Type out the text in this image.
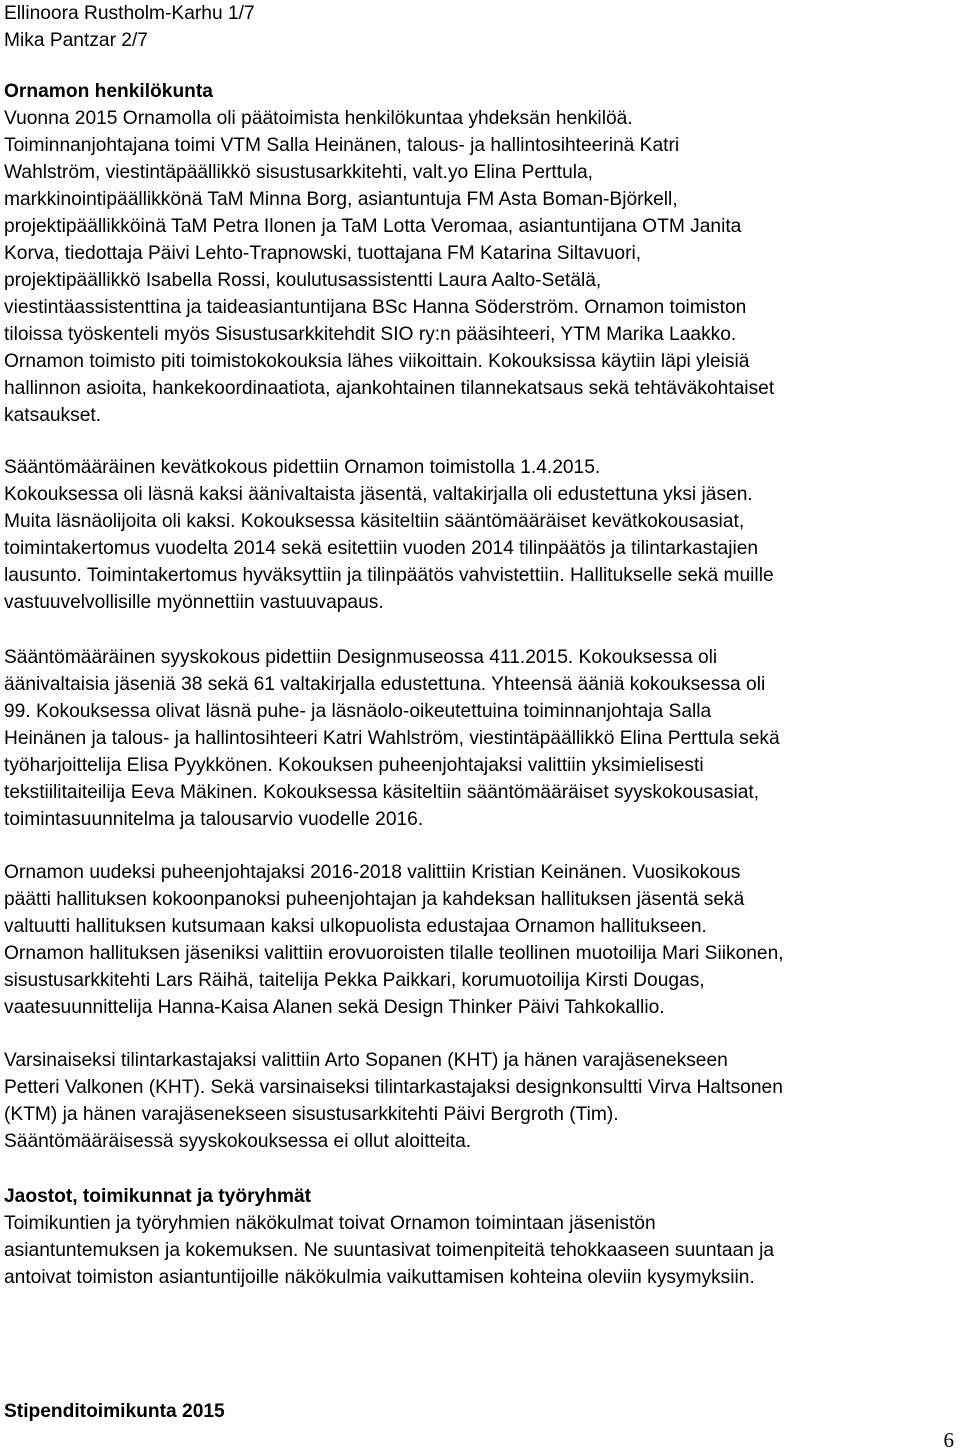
Ellinoora Rustholm-Karhu 1/7
Mika Pantzar 2/7
Ornamon henkilökunta
Vuonna 2015 Ornamolla oli päätoimista henkilökuntaa yhdeksän henkilöä.
Toiminnanjohtajana toimi VTM Salla Heinänen, talous- ja hallintosihteerinä Katri
Wahlström, viestintäpäällikkö sisustusarkkitehti, valt.yo Elina Perttula,
markkinointipäällikkönä TaM Minna Borg, asiantuntuja FM Asta Boman-Björkell,
projektipäällikköinä TaM Petra Ilonen ja TaM Lotta Veromaa, asiantuntijana OTM Janita
Korva, tiedottaja Päivi Lehto-Trapnowski, tuottajana FM Katarina Siltavuori,
projektipäällikkö Isabella Rossi, koulutusassistentti Laura Aalto-Setälä,
viestintäassistenttina ja taideasiantuntijana BSc Hanna Söderström. Ornamon toimiston
tiloissa työskenteli myös Sisustusarkkitehdit SIO ry:n pääsihteeri, YTM Marika Laakko.
Ornamon toimisto piti toimistokokouksia lähes viikoittain. Kokouksissa käytiin läpi yleisiä
hallinnon asioita, hankekoordinaatiota, ajankohtainen tilannekatsaus sekä tehtäväkohtaiset
katsaukset.
Sääntömääräinen kevätkokous pidettiin Ornamon toimistolla 1.4.2015.
Kokouksessa oli läsnä kaksi äänivaltaista jäsentä, valtakirjalla oli edustettuna yksi jäsen.
Muita läsnäolijoita oli kaksi. Kokouksessa käsiteltiin sääntömääräiset kevätkokousasiat,
toimintakertomus vuodelta 2014 sekä esitettiin vuoden 2014 tilinpäätös ja tilintarkastajien
lausunto. Toimintakertomus hyväksyttiin ja tilinpäätös vahvistettiin. Hallitukselle sekä muille
vastuuvelvollisille myönnettiin vastuuvapaus.
Sääntömääräinen syyskokous pidettiin Designmuseossa 411.2015. Kokouksessa oli
äänivaltaisia jäseniä 38 sekä 61 valtakirjalla edustettuna. Yhteensä ääniä kokouksessa oli
99. Kokouksessa olivat läsnä puhe- ja läsnäolo-oikeutettuina toiminnanjohtaja Salla
Heinänen ja talous- ja hallintosihteeri Katri Wahlström, viestintäpäällikkö Elina Perttula sekä
työharjoittelija Elisa Pyykkönen. Kokouksen puheenjohtajaksi valittiin yksimielisesti
tekstiilitaiteilija Eeva Mäkinen. Kokouksessa käsiteltiin sääntömääräiset syyskokousasiat,
toimintasuunnitelma ja talousarvio vuodelle 2016.
Ornamon uudeksi puheenjohtajaksi 2016-2018 valittiin Kristian Keinänen. Vuosikokous
päätti hallituksen kokoonpanoksi puheenjohtajan ja kahdeksan hallituksen jäsentä sekä
valtuutti hallituksen kutsumaan kaksi ulkopuolista edustajaa Ornamon hallitukseen.
Ornamon hallituksen jäseniksi valittiin erovuoroisten tilalle teollinen muotoilija Mari Siikonen,
sisustusarkkitehti Lars Räihä, taitelija Pekka Paikkari, korumuotoilija Kirsti Dougas,
vaatesuunnittelija Hanna-Kaisa Alanen sekä Design Thinker Päivi Tahkokallio.
Varsinaiseksi tilintarkastajaksi valittiin Arto Sopanen (KHT) ja hänen varajäsenekseen
Petteri Valkonen (KHT). Sekä varsinaiseksi tilintarkastajaksi designkonsultti Virva Haltsonen
(KTM) ja hänen varajäsenekseen sisustusarkkitehti Päivi Bergroth (Tim).
Sääntömääräisessä syyskokouksessa ei ollut aloitteita.
Jaostot, toimikunnat ja työryhmät
Toimikuntien ja työryhmien näkökulmat toivat Ornamon toimintaan jäsenistön
asiantuntemuksen ja kokemuksen. Ne suuntasivat toimenpiteitä tehokkaaseen suuntaan ja
antoivat toimiston asiantuntijoille näkökulmia vaikuttamisen kohteina oleviin kysymyksiin.
Stipenditoimikunta 2015
6
